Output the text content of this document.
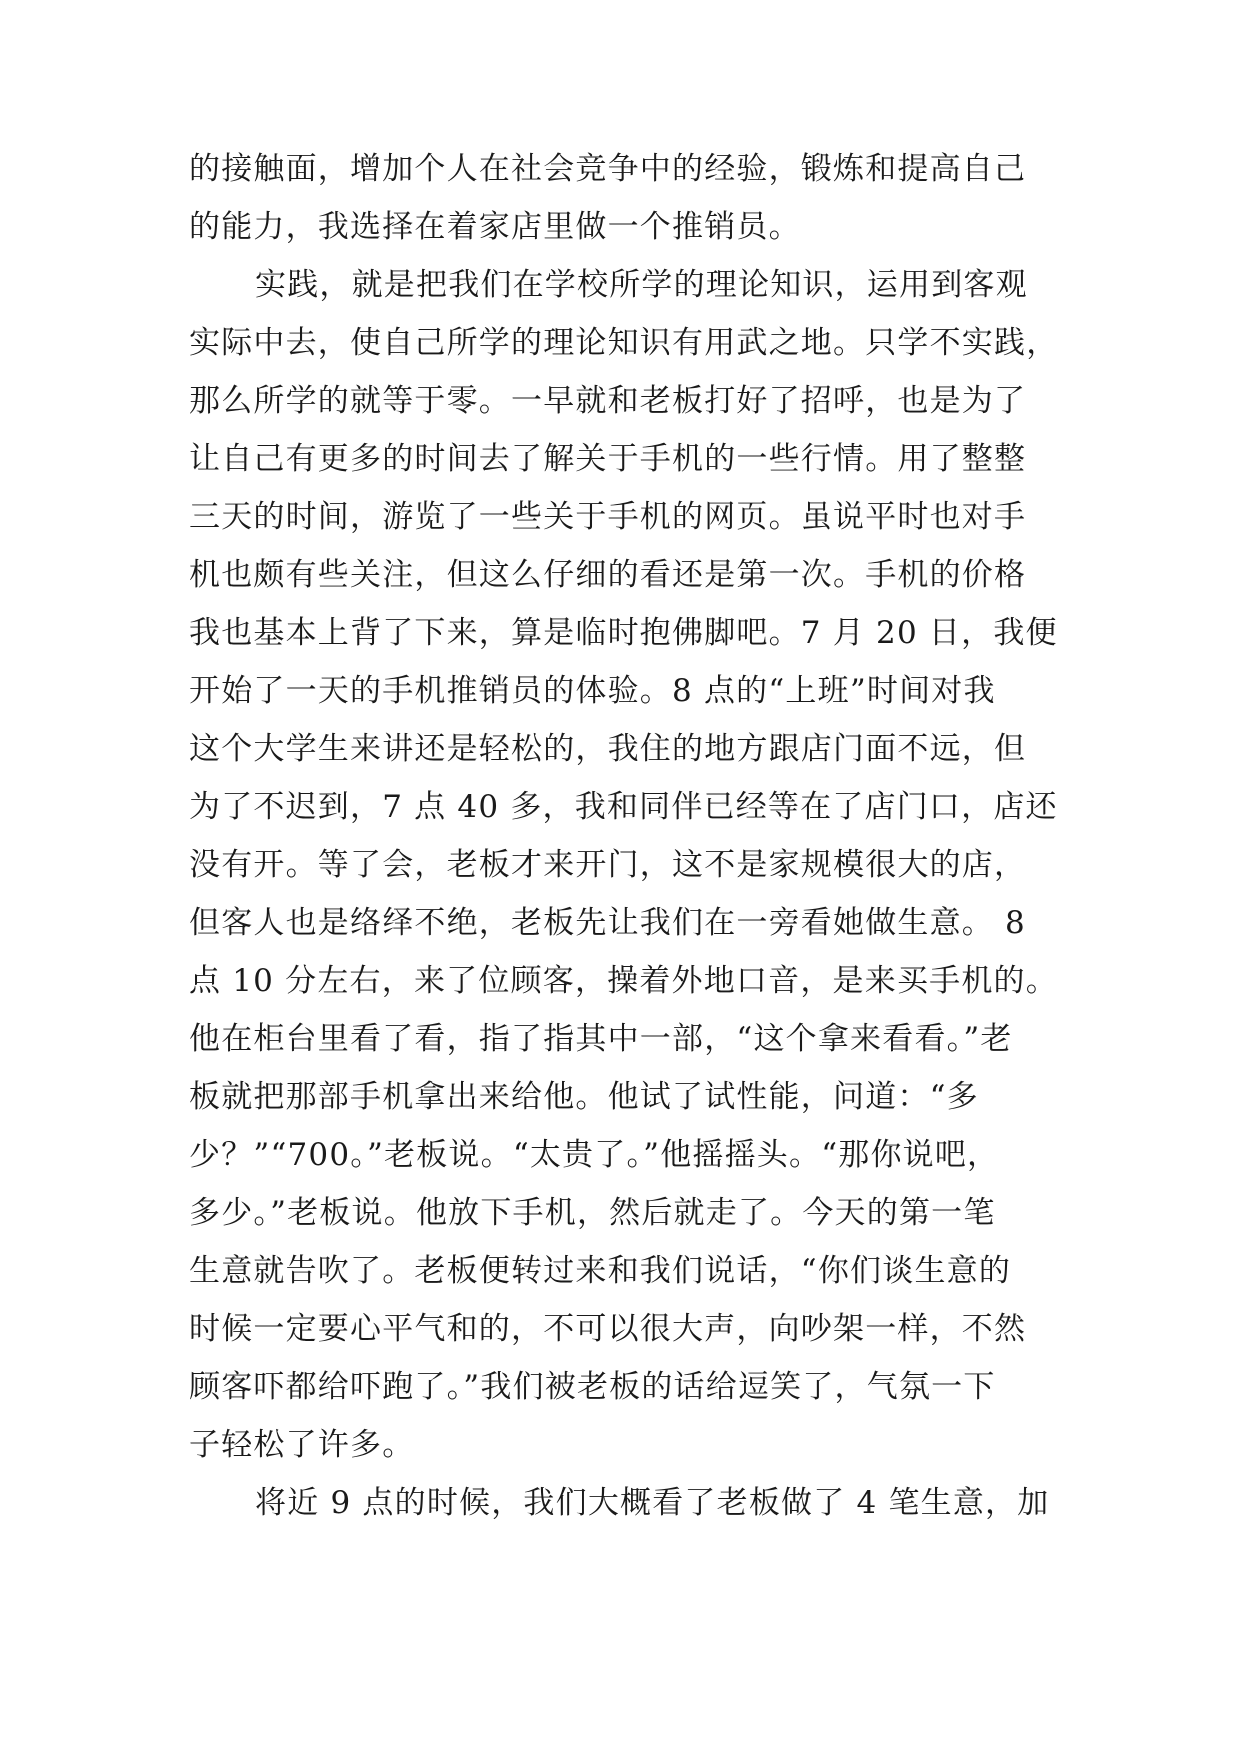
的接触面，增加个人在社会竞争中的经验，锻炼和提高自己
的能力，我选择在着家店里做一个推销员。
实践，就是把我们在学校所学的理论知识，运用到客观
实际中去，使自己所学的理论知识有用武之地。只学不实践，
那么所学的就等于零。一早就和老板打好了招呼，也是为了
让自己有更多的时间去了解关于手机的一些行情。用了整整
三天的时间，游览了一些关于手机的网页。虽说平时也对手
机也颇有些关注，但这么仔细的看还是第一次。手机的价格
我也基本上背了下来，算是临时抱佛脚吧。7 月 20 日，我便
开始了一天的手机推销员的体验。8 点的“上班”时间对我
这个大学生来讲还是轻松的，我住的地方跟店门面不远，但
为了不迟到，7 点 40 多，我和同伴已经等在了店门口，店还
没有开。等了会，老板才来开门，这不是家规模很大的店，
但客人也是络绎不绝，老板先让我们在一旁看她做生意。 8
点 10 分左右，来了位顾客，操着外地口音，是来买手机的。
他在柜台里看了看，指了指其中一部，“这个拿来看看。”老
板就把那部手机拿出来给他。他试了试性能，问道：“多
少？”“700。”老板说。“太贵了。”他摇摇头。“那你说吧，
多少。”老板说。他放下手机，然后就走了。今天的第一笔
生意就告吹了。老板便转过来和我们说话，“你们谈生意的
时候一定要心平气和的，不可以很大声，向吵架一样，不然
顾客吓都给吓跑了。”我们被老板的话给逗笑了，气氛一下
子轻松了许多。
将近 9 点的时候，我们大概看了老板做了 4 笔生意，加
